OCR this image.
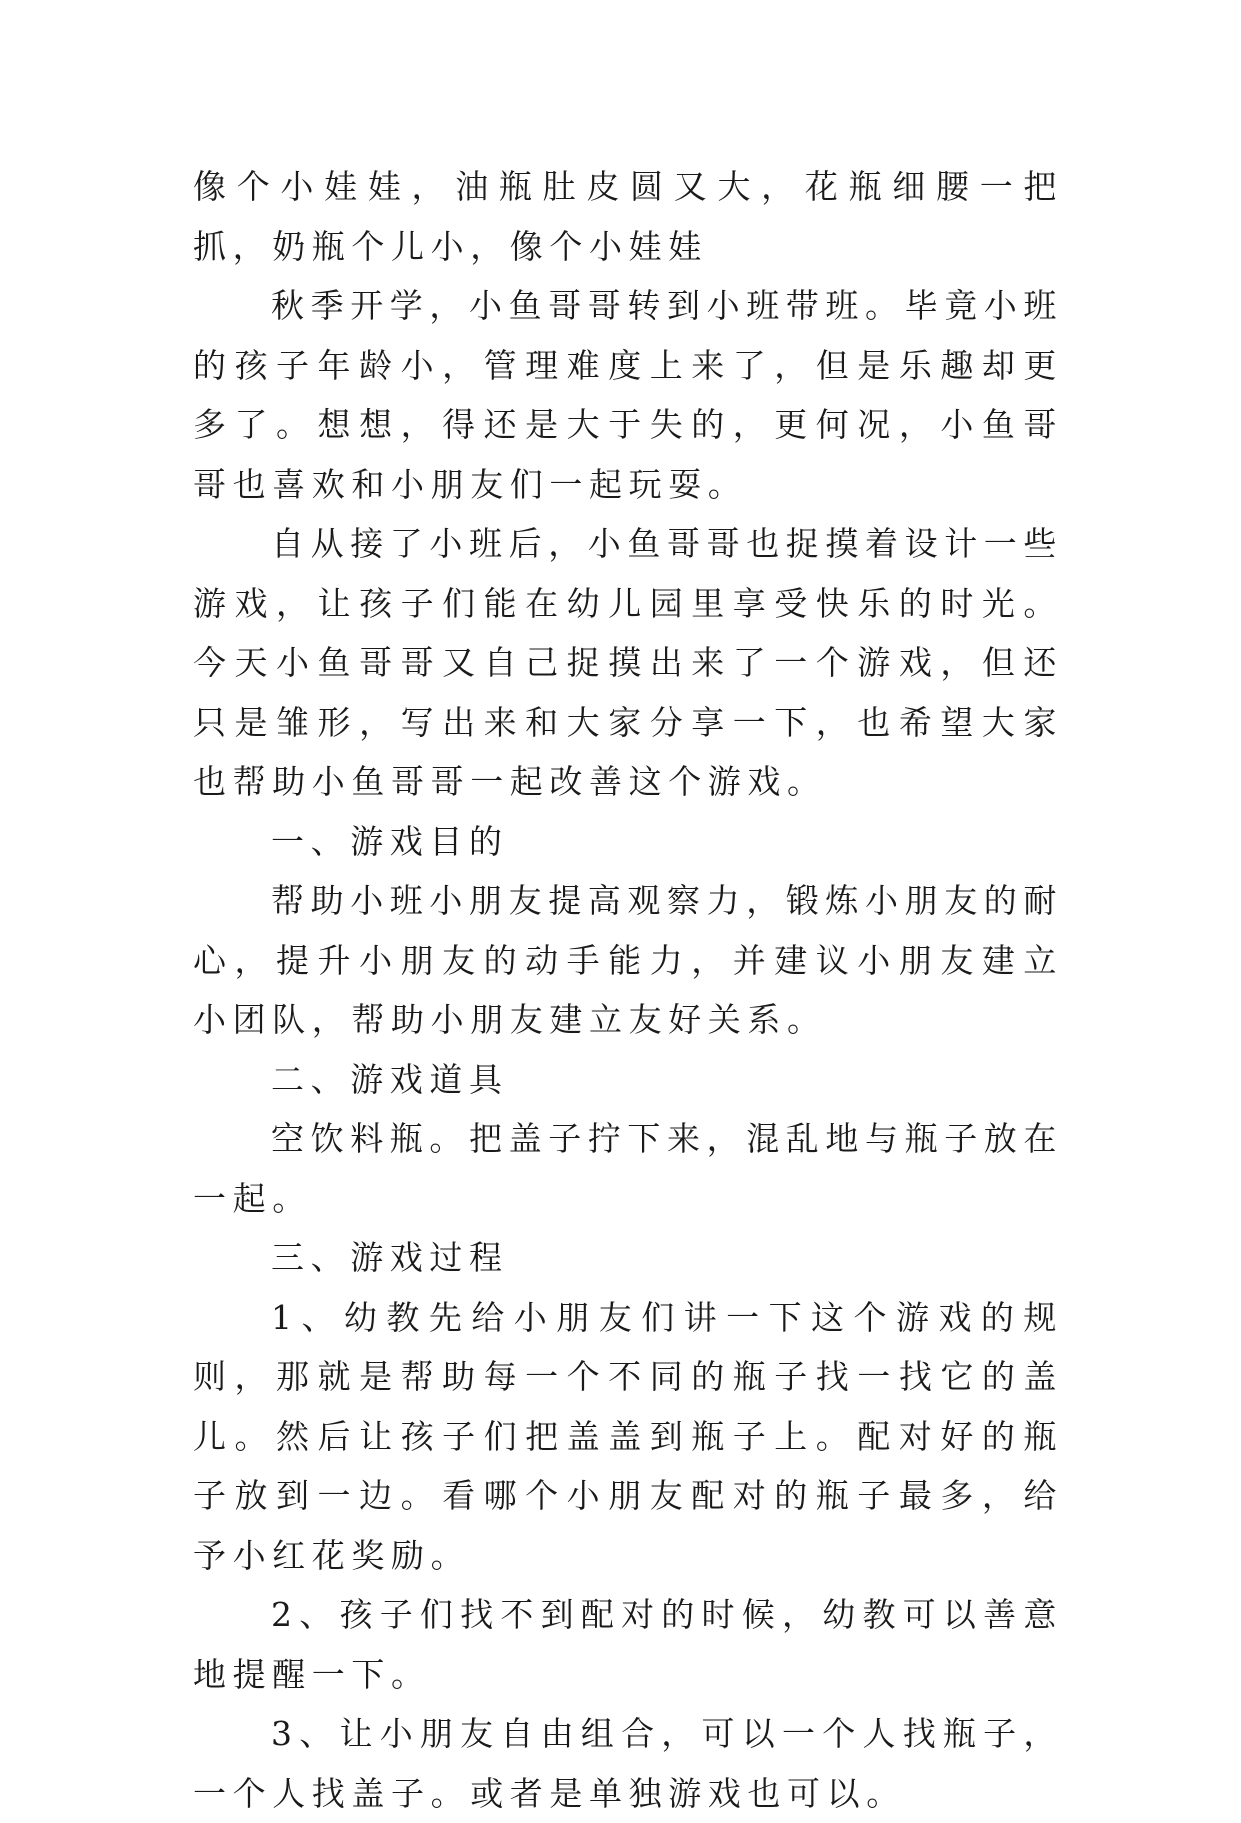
像个小娃娃，油瓶肚皮圆又大，花瓶细腰一把抓，奶瓶个儿小，像个小娃娃

秋季开学，小鱼哥哥转到小班带班。毕竟小班的孩子年龄小，管理难度上来了，但是乐趣却更多了。想想，得还是大于失的，更何况，小鱼哥哥也喜欢和小朋友们一起玩耍。

自从接了小班后，小鱼哥哥也捉摸着设计一些游戏，让孩子们能在幼儿园里享受快乐的时光。今天小鱼哥哥又自己捉摸出来了一个游戏，但还只是雏形，写出来和大家分享一下，也希望大家也帮助小鱼哥哥一起改善这个游戏。

一、游戏目的

帮助小班小朋友提高观察力，锻炼小朋友的耐心，提升小朋友的动手能力，并建议小朋友建立小团队，帮助小朋友建立友好关系。

二、游戏道具

空饮料瓶。把盖子拧下来，混乱地与瓶子放在一起。

三、游戏过程

1、幼教先给小朋友们讲一下这个游戏的规则，那就是帮助每一个不同的瓶子找一找它的盖儿。然后让孩子们把盖盖到瓶子上。配对好的瓶子放到一边。看哪个小朋友配对的瓶子最多，给予小红花奖励。

2、孩子们找不到配对的时候，幼教可以善意地提醒一下。

3、让小朋友自由组合，可以一个人找瓶子，一个人找盖子。或者是单独游戏也可以。
